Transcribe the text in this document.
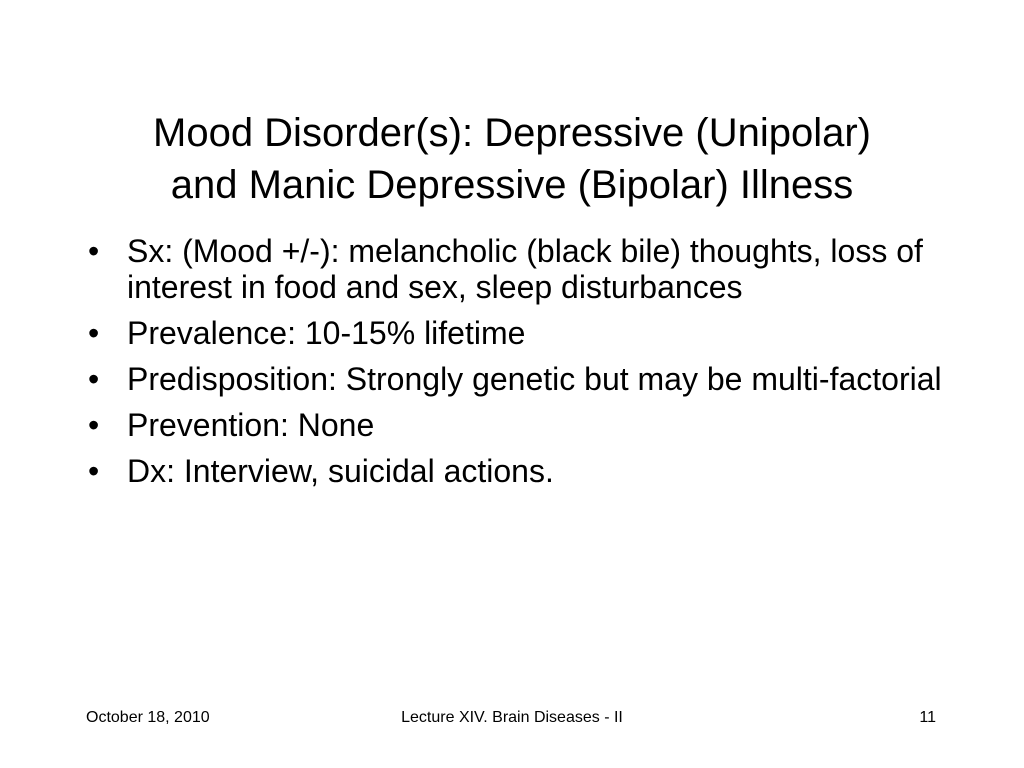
Mood Disorder(s): Depressive (Unipolar)
and Manic Depressive (Bipolar) Illness
• Sx: (Mood +/-): melancholic (black bile) thoughts, loss of interest in food and sex, sleep disturbances
• Prevalence: 10-15% lifetime
• Predisposition: Strongly genetic but may be multi-factorial
• Prevention: None
• Dx: Interview, suicidal actions.
October 18, 2010	Lecture XIV. Brain Diseases - II	11
